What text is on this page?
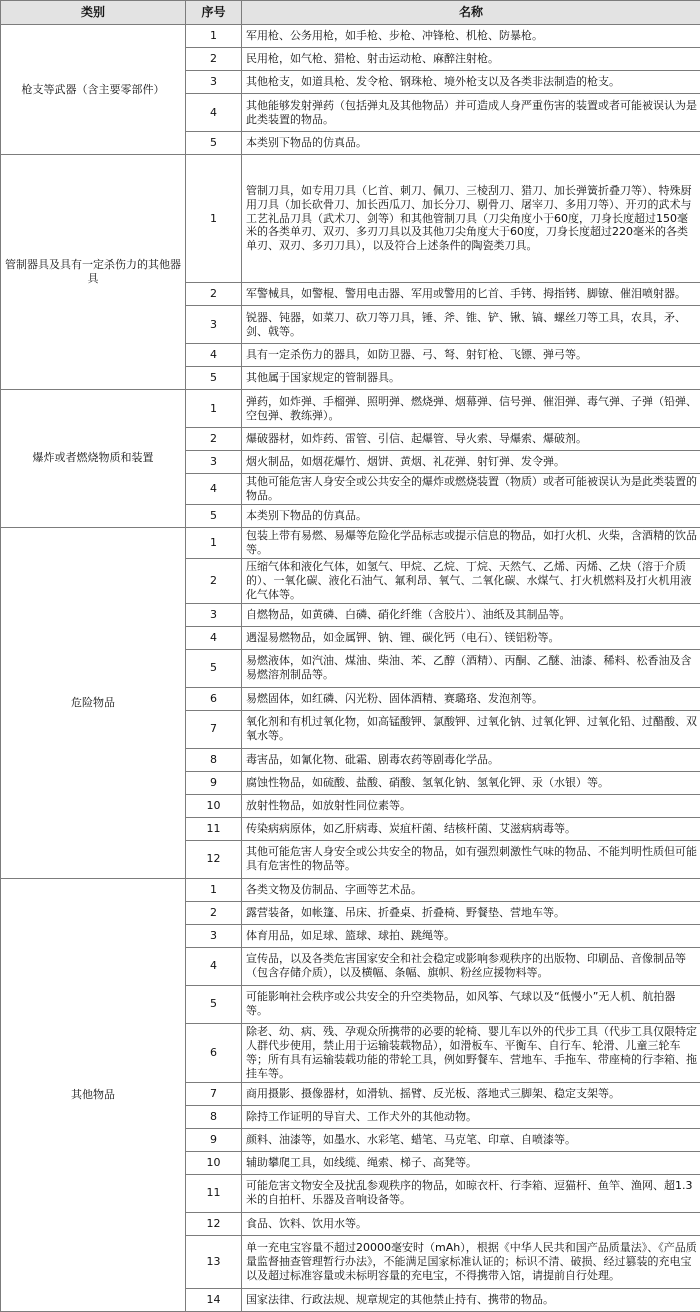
类别	序号	名称
枪支等武器（含主要零部件）	1	军用枪、公务用枪，如手枪、步枪、冲锋枪、机枪、防暴枪。
	2	民用枪，如气枪、猎枪、射击运动枪、麻醉注射枪。
	3	其他枪支，如道具枪、发令枪、钢珠枪、境外枪支以及各类非法制造的枪支。
	4	其他能够发射弹药（包括弹丸及其他物品）并可造成人身严重伤害的装置或者可能被误认为是此类装置的物品。
	5	本类别下物品的仿真品。
管制器具及具有一定杀伤力的其他器具	1	管制刀具，如专用刀具（匕首、刺刀、佩刀、三棱刮刀、猎刀、加长弹簧折叠刀等）、特殊厨用刀具（加长砍骨刀、加长西瓜刀、加长分刀、剔骨刀、屠宰刀、多用刀等）、开刃的武术与工艺礼品刀具（武术刀、剑等）和其他管制刀具（刀尖角度小于60度，刀身长度超过150毫米的各类单刃、双刃、多刃刀具以及其他刀尖角度大于60度，刀身长度超过220毫米的各类单刃、双刃、多刃刀具），以及符合上述条件的陶瓷类刀具。
	2	军警械具，如警棍、警用电击器、军用或警用的匕首、手铐、拇指铐、脚镣、催泪喷射器。
	3	锐器、钝器，如菜刀、砍刀等刀具，锤、斧、锥、铲、锹、镐、螺丝刀等工具，农具，矛、剑、戟等。
	4	具有一定杀伤力的器具，如防卫器、弓、弩、射钉枪、飞镖、弹弓等。
	5	其他属于国家规定的管制器具。
爆炸或者燃烧物质和装置	1	弹药，如炸弹、手榴弹、照明弹、燃烧弹、烟幕弹、信号弹、催泪弹、毒气弹、子弹（铅弹、空包弹、教练弹）。
	2	爆破器材，如炸药、雷管、引信、起爆管、导火索、导爆索、爆破剂。
	3	烟火制品，如烟花爆竹、烟饼、黄烟、礼花弹、射钉弹、发令弹。
	4	其他可能危害人身安全或公共安全的爆炸或燃烧装置（物质）或者可能被误认为是此类装置的物品。
	5	本类别下物品的仿真品。
危险物品	1	包装上带有易燃、易爆等危险化学品标志或提示信息的物品，如打火机、火柴，含酒精的饮品等。
	2	压缩气体和液化气体，如氢气、甲烷、乙烷、丁烷、天然气、乙烯、丙烯、乙炔（溶于介质的）、一氧化碳、液化石油气、氟利昂、氧气、二氧化碳、水煤气、打火机燃料及打火机用液化气体等。
	3	自燃物品，如黄磷、白磷、硝化纤维（含胶片）、油纸及其制品等。
	4	遇湿易燃物品，如金属钾、钠、锂、碳化钙（电石）、镁铝粉等。
	5	易燃液体，如汽油、煤油、柴油、苯、乙醇（酒精）、丙酮、乙醚、油漆、稀料、松香油及含易燃溶剂制品等。
	6	易燃固体，如红磷、闪光粉、固体酒精、赛璐珞、发泡剂等。
	7	氧化剂和有机过氧化物，如高锰酸钾、氯酸钾、过氧化钠、过氧化钾、过氧化铅、过醋酸、双氧水等。
	8	毒害品，如氰化物、砒霜、剧毒农药等剧毒化学品。
	9	腐蚀性物品，如硫酸、盐酸、硝酸、氢氧化钠、氢氧化钾、汞（水银）等。
	10	放射性物品，如放射性同位素等。
	11	传染病病原体，如乙肝病毒、炭疽杆菌、结核杆菌、艾滋病病毒等。
	12	其他可能危害人身安全或公共安全的物品，如有强烈刺激性气味的物品、不能判明性质但可能具有危害性的物品等。
其他物品	1	各类文物及仿制品、字画等艺术品。
	2	露营装备，如帐篷、吊床、折叠桌、折叠椅、野餐垫、营地车等。
	3	体育用品，如足球、篮球、球拍、跳绳等。
	4	宣传品，以及各类危害国家安全和社会稳定或影响参观秩序的出版物、印刷品、音像制品等（包含存储介质），以及横幅、条幅、旗帜、粉丝应援物料等。
	5	可能影响社会秩序或公共安全的升空类物品，如风筝、气球以及“低慢小”无人机、航拍器等。
	6	除老、幼、病、残、孕观众所携带的必要的轮椅、婴儿车以外的代步工具（代步工具仅限特定人群代步使用，禁止用于运输装载物品），如滑板车、平衡车、自行车、轮滑、儿童三轮车等；所有具有运输装载功能的带轮工具，例如野餐车、营地车、手拖车、带座椅的行李箱、拖挂车等。
	7	商用摄影、摄像器材，如滑轨、摇臂、反光板、落地式三脚架、稳定支架等。
	8	除持工作证明的导盲犬、工作犬外的其他动物。
	9	颜料、油漆等，如墨水、水彩笔、蜡笔、马克笔、印章、自喷漆等。
	10	辅助攀爬工具，如线缆、绳索、梯子、高凳等。
	11	可能危害文物安全及扰乱参观秩序的物品，如晾衣杆、行李箱、逗猫杆、鱼竿、渔网、超1.3米的自拍杆、乐器及音响设备等。
	12	食品、饮料、饮用水等。
	13	单一充电宝容量不超过20000毫安时（mAh），根据《中华人民共和国产品质量法》、《产品质量监督抽查管理暂行办法》，不能满足国家标准认证的；标识不清、破损、经过篡装的充电宝以及超过标准容量或未标明容量的充电宝，不得携带入馆，请提前自行处理。
	14	国家法律、行政法规、规章规定的其他禁止持有、携带的物品。
